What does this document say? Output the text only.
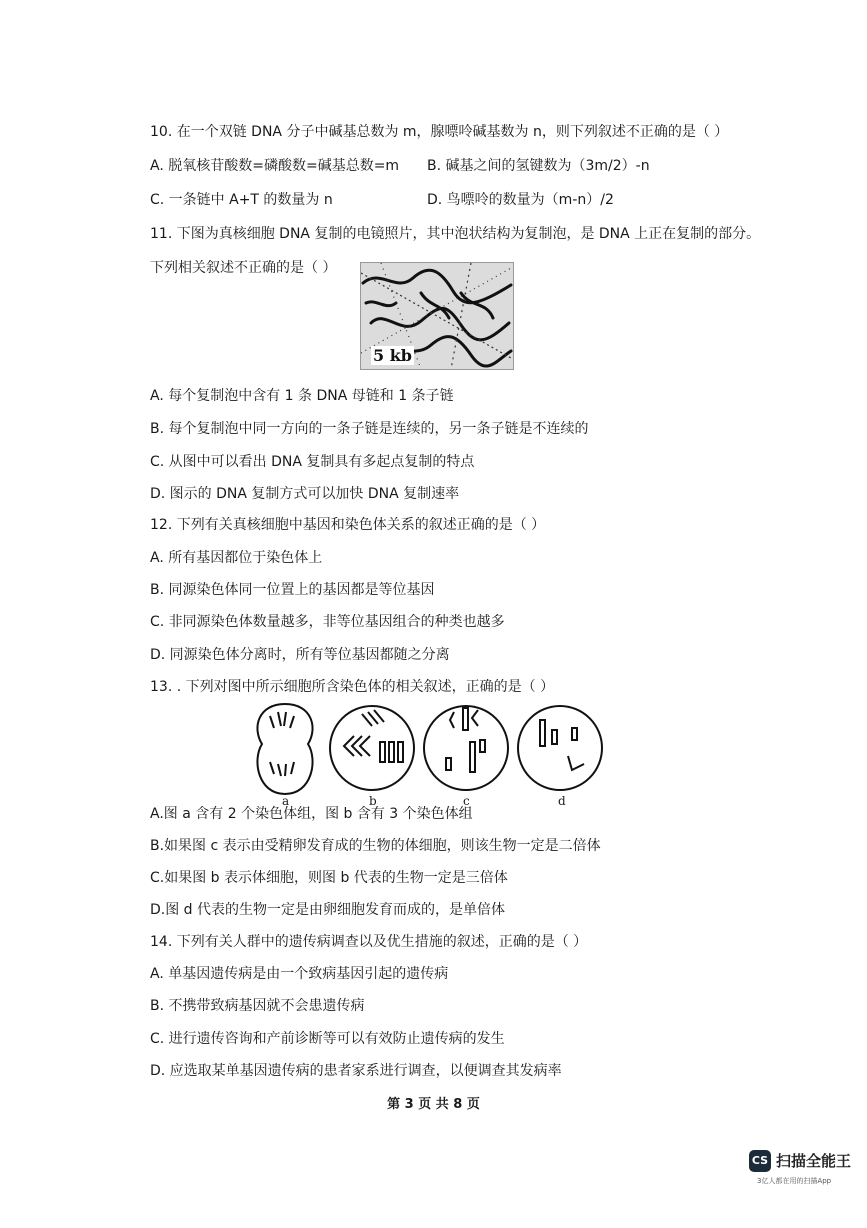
10. 在一个双链 DNA 分子中碱基总数为 m，腺嘌呤碱基数为 n，则下列叙述不正确的是（ ）
A. 脱氧核苷酸数=磷酸数=碱基总数=m B. 碱基之间的氢键数为（3m/2）-n
C. 一条链中 A+T 的数量为 n	D. 鸟嘌呤的数量为（m-n）/2
11. 下图为真核细胞 DNA 复制的电镜照片，其中泡状结构为复制泡，是 DNA 上正在复制的部分。
下列相关叙述不正确的是（ ）
5 kb
A. 每个复制泡中含有 1 条 DNA 母链和 1 条子链
B. 每个复制泡中同一方向的一条子链是连续的，另一条子链是不连续的
C. 从图中可以看出 DNA 复制具有多起点复制的特点
D. 图示的 DNA 复制方式可以加快 DNA 复制速率
12. 下列有关真核细胞中基因和染色体关系的叙述正确的是（ ）
A. 所有基因都位于染色体上
B. 同源染色体同一位置上的基因都是等位基因
C. 非同源染色体数量越多，非等位基因组合的种类也越多
D. 同源染色体分离时，所有等位基因都随之分离
13. . 下列对图中所示细胞所含染色体的相关叙述，正确的是（ ）
a	b	c	d
A.图 a 含有 2 个染色体组，图 b 含有 3 个染色体组
B.如果图 c 表示由受精卵发育成的生物的体细胞，则该生物一定是二倍体
C.如果图 b 表示体细胞，则图 b 代表的生物一定是三倍体
D.图 d 代表的生物一定是由卵细胞发育而成的，是单倍体
14. 下列有关人群中的遗传病调查以及优生措施的叙述，正确的是（ ）
A. 单基因遗传病是由一个致病基因引起的遗传病
B. 不携带致病基因就不会患遗传病
C. 进行遗传咨询和产前诊断等可以有效防止遗传病的发生
D. 应选取某单基因遗传病的患者家系进行调查，以便调查其发病率
第 3 页 共 8 页
CS 扫描全能王
3亿人都在用的扫描App
